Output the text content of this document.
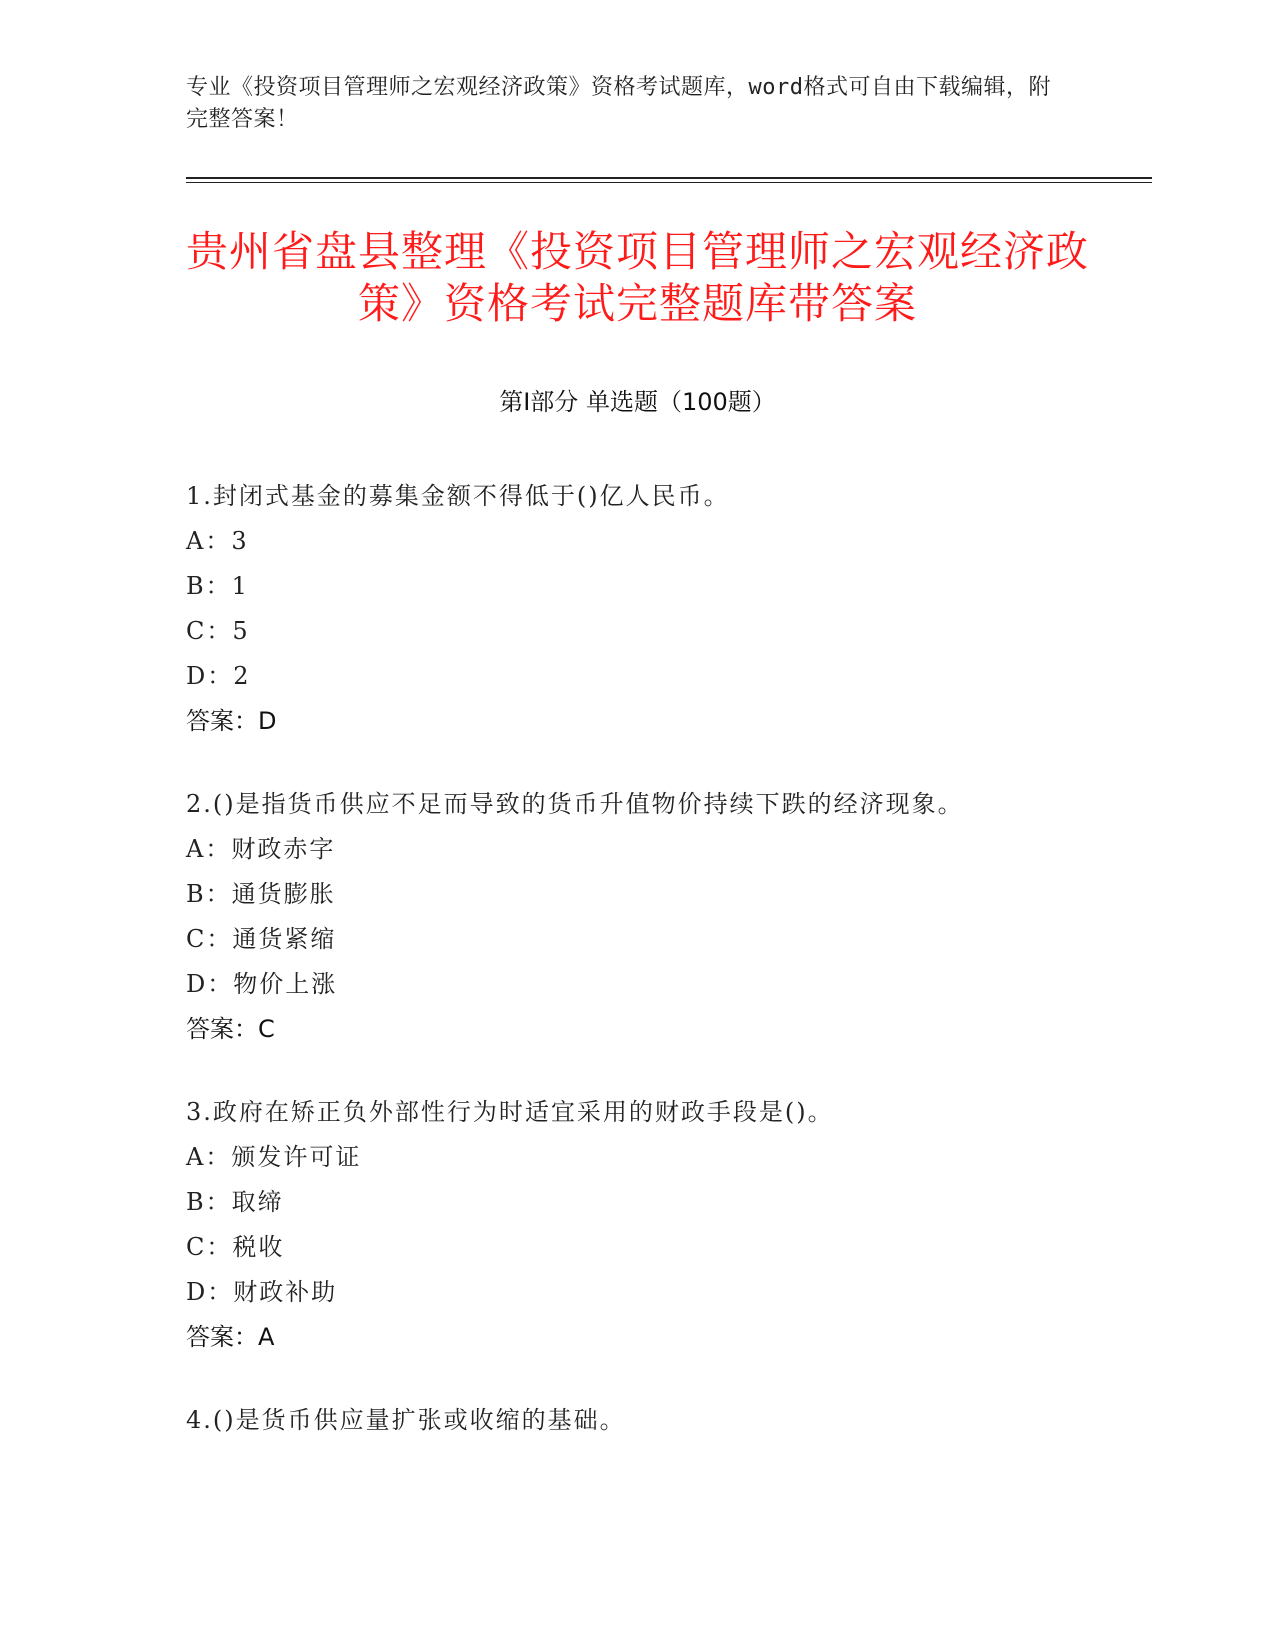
专业《投资项目管理师之宏观经济政策》资格考试题库，word格式可自由下载编辑，附完整答案！
贵州省盘县整理《投资项目管理师之宏观经济政策》资格考试完整题库带答案
第Ⅰ部分 单选题（100题）
1.封闭式基金的募集金额不得低于()亿人民币。
A：3
B：1
C：5
D：2
答案：D
2.()是指货币供应不足而导致的货币升值物价持续下跌的经济现象。
A：财政赤字
B：通货膨胀
C：通货紧缩
D：物价上涨
答案：C
3.政府在矫正负外部性行为时适宜采用的财政手段是()。
A：颁发许可证
B：取缔
C：税收
D：财政补助
答案：A
4.()是货币供应量扩张或收缩的基础。
